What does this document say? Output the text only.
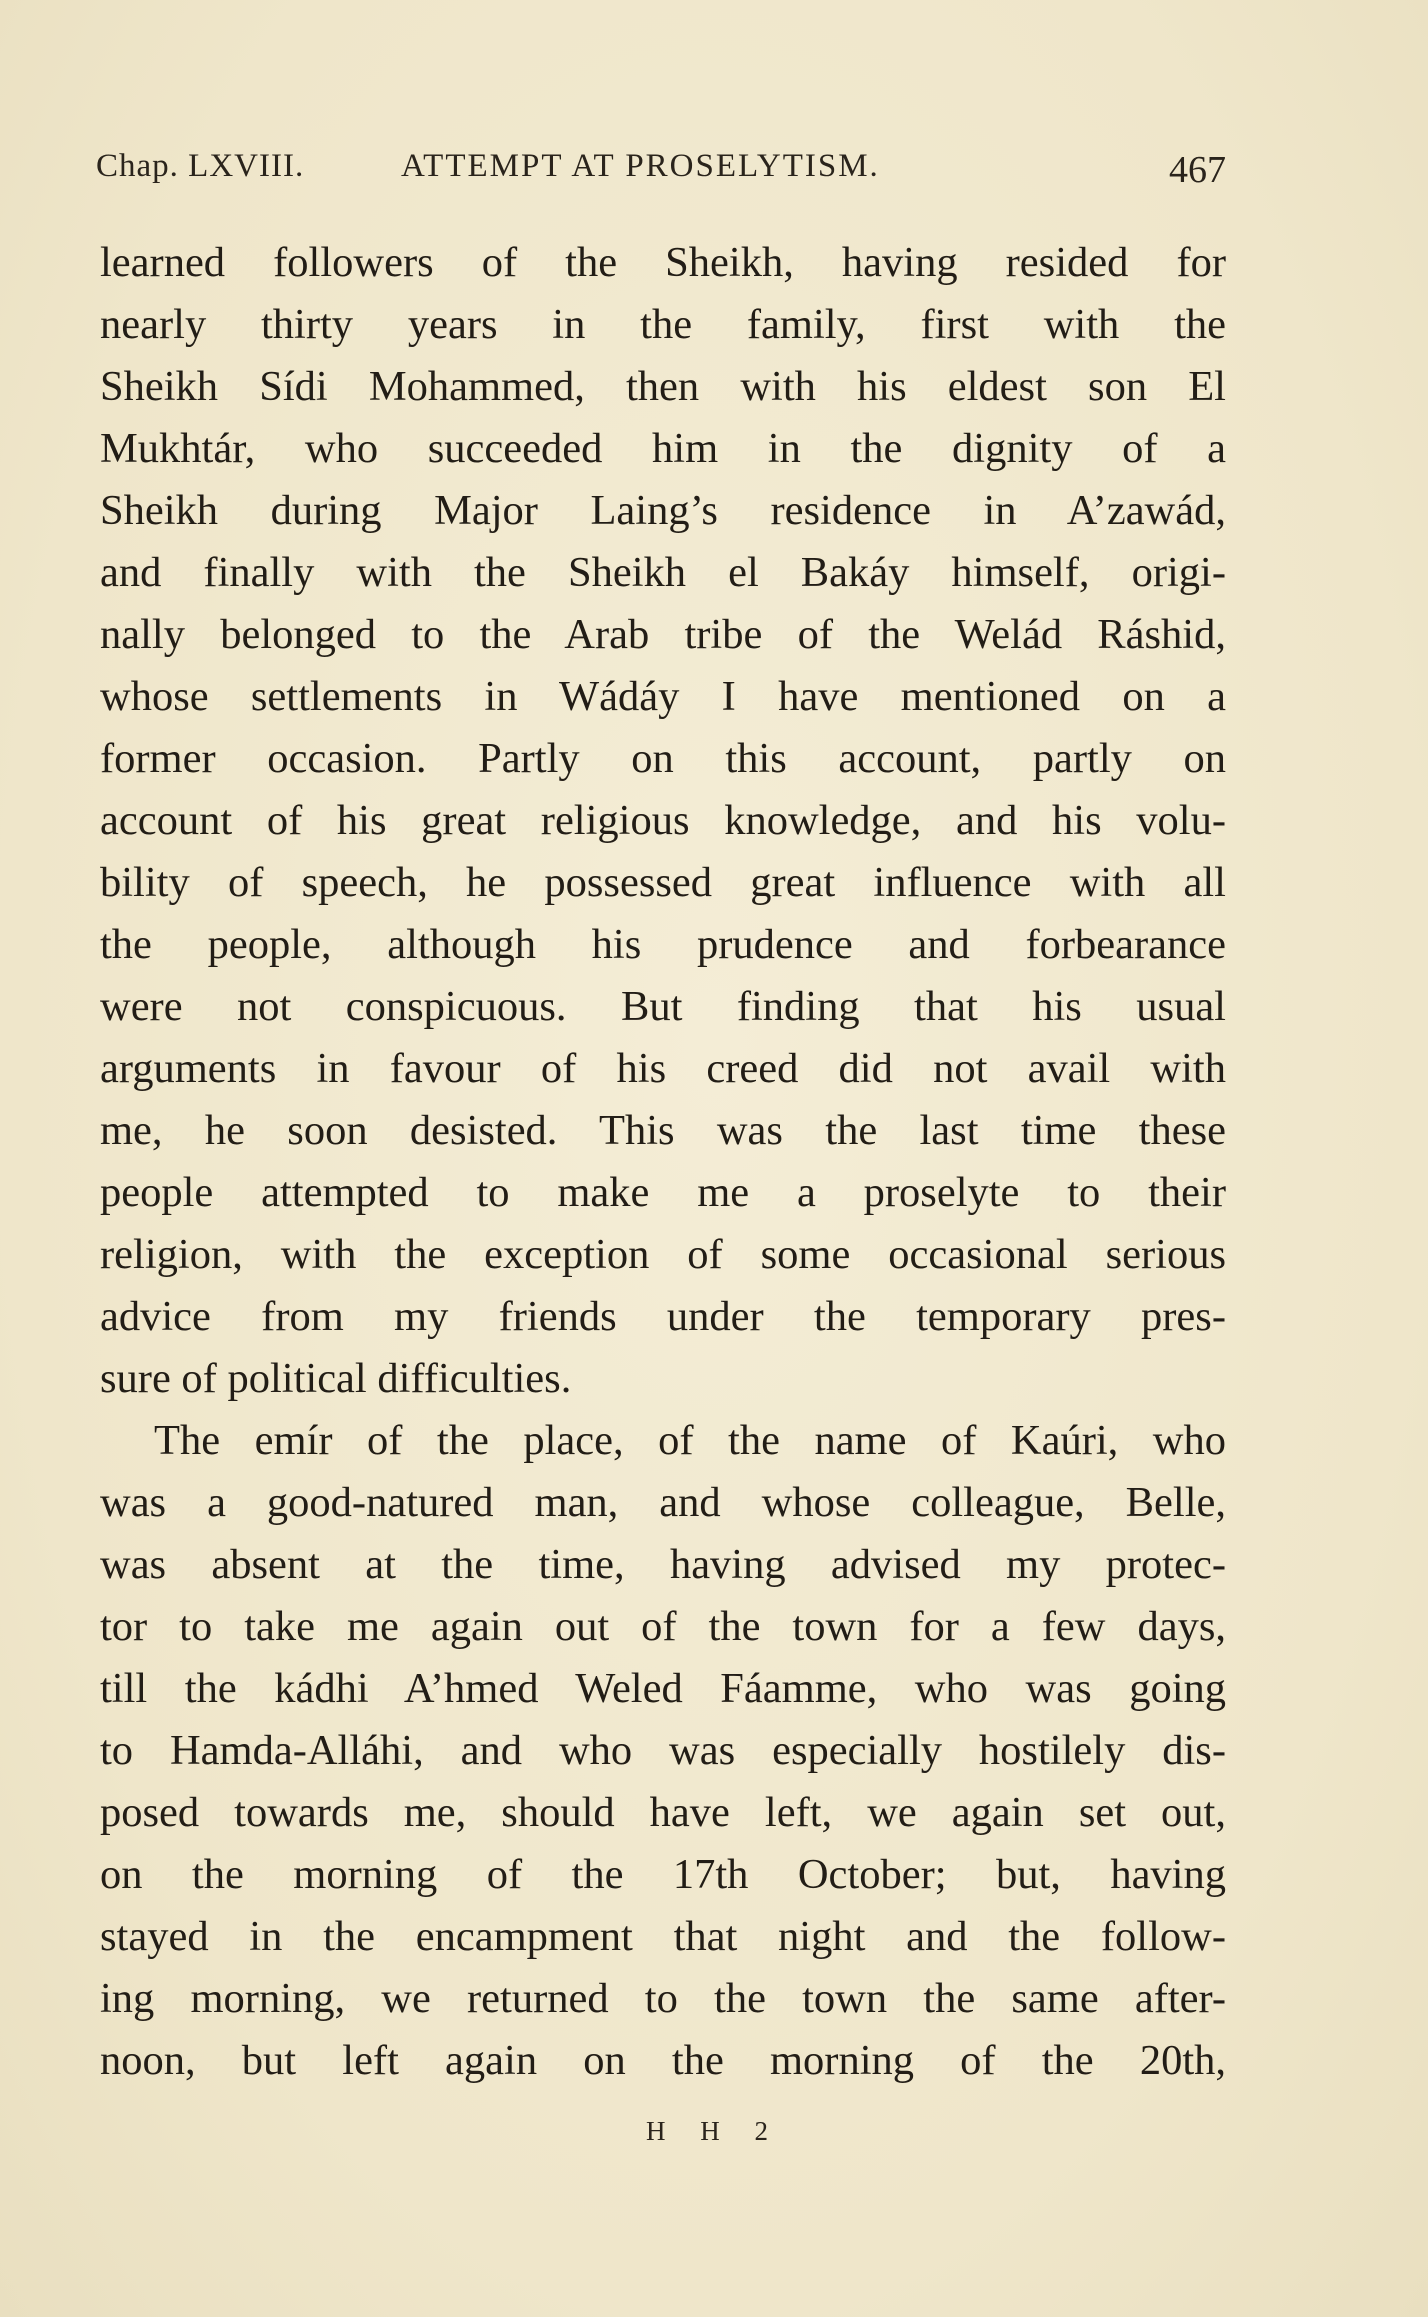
Chap. LXVIII.	ATTEMPT AT PROSELYTISM.	467
learned followers of the Sheikh, having resided for
nearly thirty years in the family, first with the
Sheikh Sídi Mohammed, then with his eldest son El
Mukhtár, who succeeded him in the dignity of a
Sheikh during Major Laing’s residence in A’zawád,
and finally with the Sheikh el Bakáy himself, origi-
nally belonged to the Arab tribe of the Welád Ráshid,
whose settlements in Wádáy I have mentioned on a
former occasion. Partly on this account, partly on
account of his great religious knowledge, and his volu-
bility of speech, he possessed great influence with all
the people, although his prudence and forbearance
were not conspicuous. But finding that his usual
arguments in favour of his creed did not avail with
me, he soon desisted. This was the last time these
people attempted to make me a proselyte to their
religion, with the exception of some occasional serious
advice from my friends under the temporary pres-
sure of political difficulties.
The emír of the place, of the name of Kaúri, who
was a good-natured man, and whose colleague, Belle,
was absent at the time, having advised my protec-
tor to take me again out of the town for a few days,
till the kádhi A’hmed Weled Fáamme, who was going
to Hamda-Alláhi, and who was especially hostilely dis-
posed towards me, should have left, we again set out,
on the morning of the 17th October; but, having
stayed in the encampment that night and the follow-
ing morning, we returned to the town the same after-
noon, but left again on the morning of the 20th,
H H 2
